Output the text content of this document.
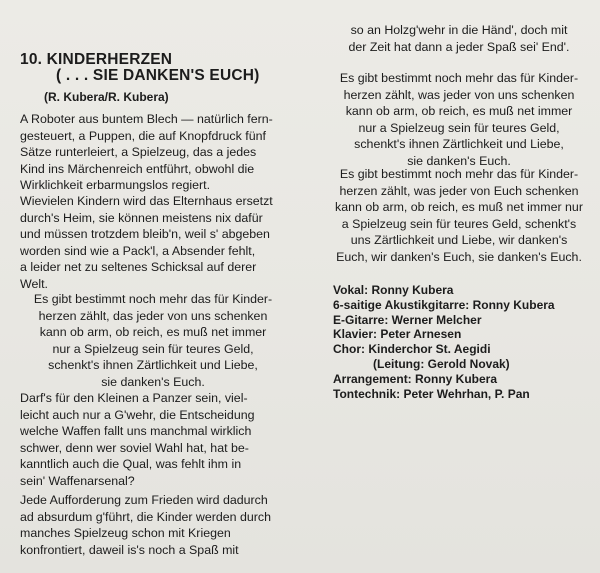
10. KINDERHERZEN
( . . . SIE DANKEN'S EUCH)
(R. Kubera/R. Kubera)
A Roboter aus buntem Blech — natürlich fern-
gesteuert, a Puppen, die auf Knopfdruck fünf
Sätze runterleiert, a Spielzeug, das a jedes
Kind ins Märchenreich entführt, obwohl die
Wirklichkeit erbarmungslos regiert.
Wievielen Kindern wird das Elternhaus ersetzt
durch's Heim, sie können meistens nix dafür
und müssen trotzdem bleib'n, weil s' abgeben
worden sind wie a Pack'l, a Absender fehlt,
a leider net zu seltenes Schicksal auf derer
Welt.
Es gibt bestimmt noch mehr das für Kinder-
herzen zählt, das jeder von uns schenken
kann ob arm, ob reich, es muß net immer
nur a Spielzeug sein für teures Geld,
schenkt's ihnen Zärtlichkeit und Liebe,
sie danken's Euch.
Darf's für den Kleinen a Panzer sein, viel-
leicht auch nur a G'wehr, die Entscheidung
welche Waffen fallt uns manchmal wirklich
schwer, denn wer soviel Wahl hat, hat be-
kanntlich auch die Qual, was fehlt ihm in
sein' Waffenarsenal?
Jede Aufforderung zum Frieden wird dadurch
ad absurdum g'führt, die Kinder werden durch
manches Spielzeug schon mit Kriegen
konfrontiert, daweil is's noch a Spaß mit
so an Holzg'wehr in die Händ', doch mit
der Zeit hat dann a jeder Spaß sei' End'.
Es gibt bestimmt noch mehr das für Kinder-
herzen zählt, was jeder von uns schenken
kann ob arm, ob reich, es muß net immer
nur a Spielzeug sein für teures Geld,
schenkt's ihnen Zärtlichkeit und Liebe,
sie danken's Euch.
Es gibt bestimmt noch mehr das für Kinder-
herzen zählt, was jeder von Euch schenken
kann ob arm, ob reich, es muß net immer nur
a Spielzeug sein für teures Geld, schenkt's
uns Zärtlichkeit und Liebe, wir danken's
Euch, wir danken's Euch, sie danken's Euch.
Vokal: Ronny Kubera
6-saitige Akustikgitarre: Ronny Kubera
E-Gitarre: Werner Melcher
Klavier: Peter Arnesen
Chor: Kinderchor St. Aegidi
(Leitung: Gerold Novak)
Arrangement: Ronny Kubera
Tontechnik: Peter Wehrhan, P. Pan
